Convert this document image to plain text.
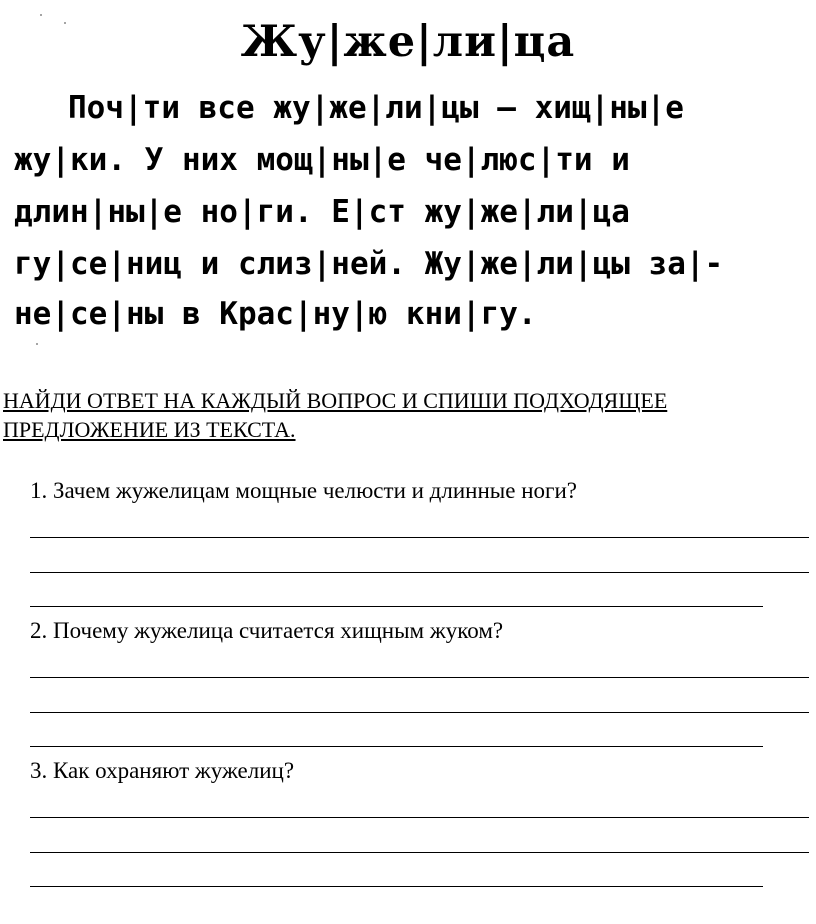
Жу|же|ли|ца

Поч|ти все жу|же|ли|цы — хищ|ны|е

жу|ки. У них мощ|ны|е че|люс|ти и

длин|ны|е но|ги. Е|ст жу|же|ли|ца

гу|се|ниц и слиз|ней. Жу|же|ли|цы за|-

не|се|ны в Крас|ну|ю кни|гу.

НАЙДИ ОТВЕТ НА КАЖДЫЙ ВОПРОС И СПИШИ ПОДХОДЯЩЕЕ
ПРЕДЛОЖЕНИЕ ИЗ ТЕКСТА.

1. Зачем жужелицам мощные челюсти и длинные ноги?

2. Почему жужелица считается хищным жуком?

3. Как охраняют жужелиц?
